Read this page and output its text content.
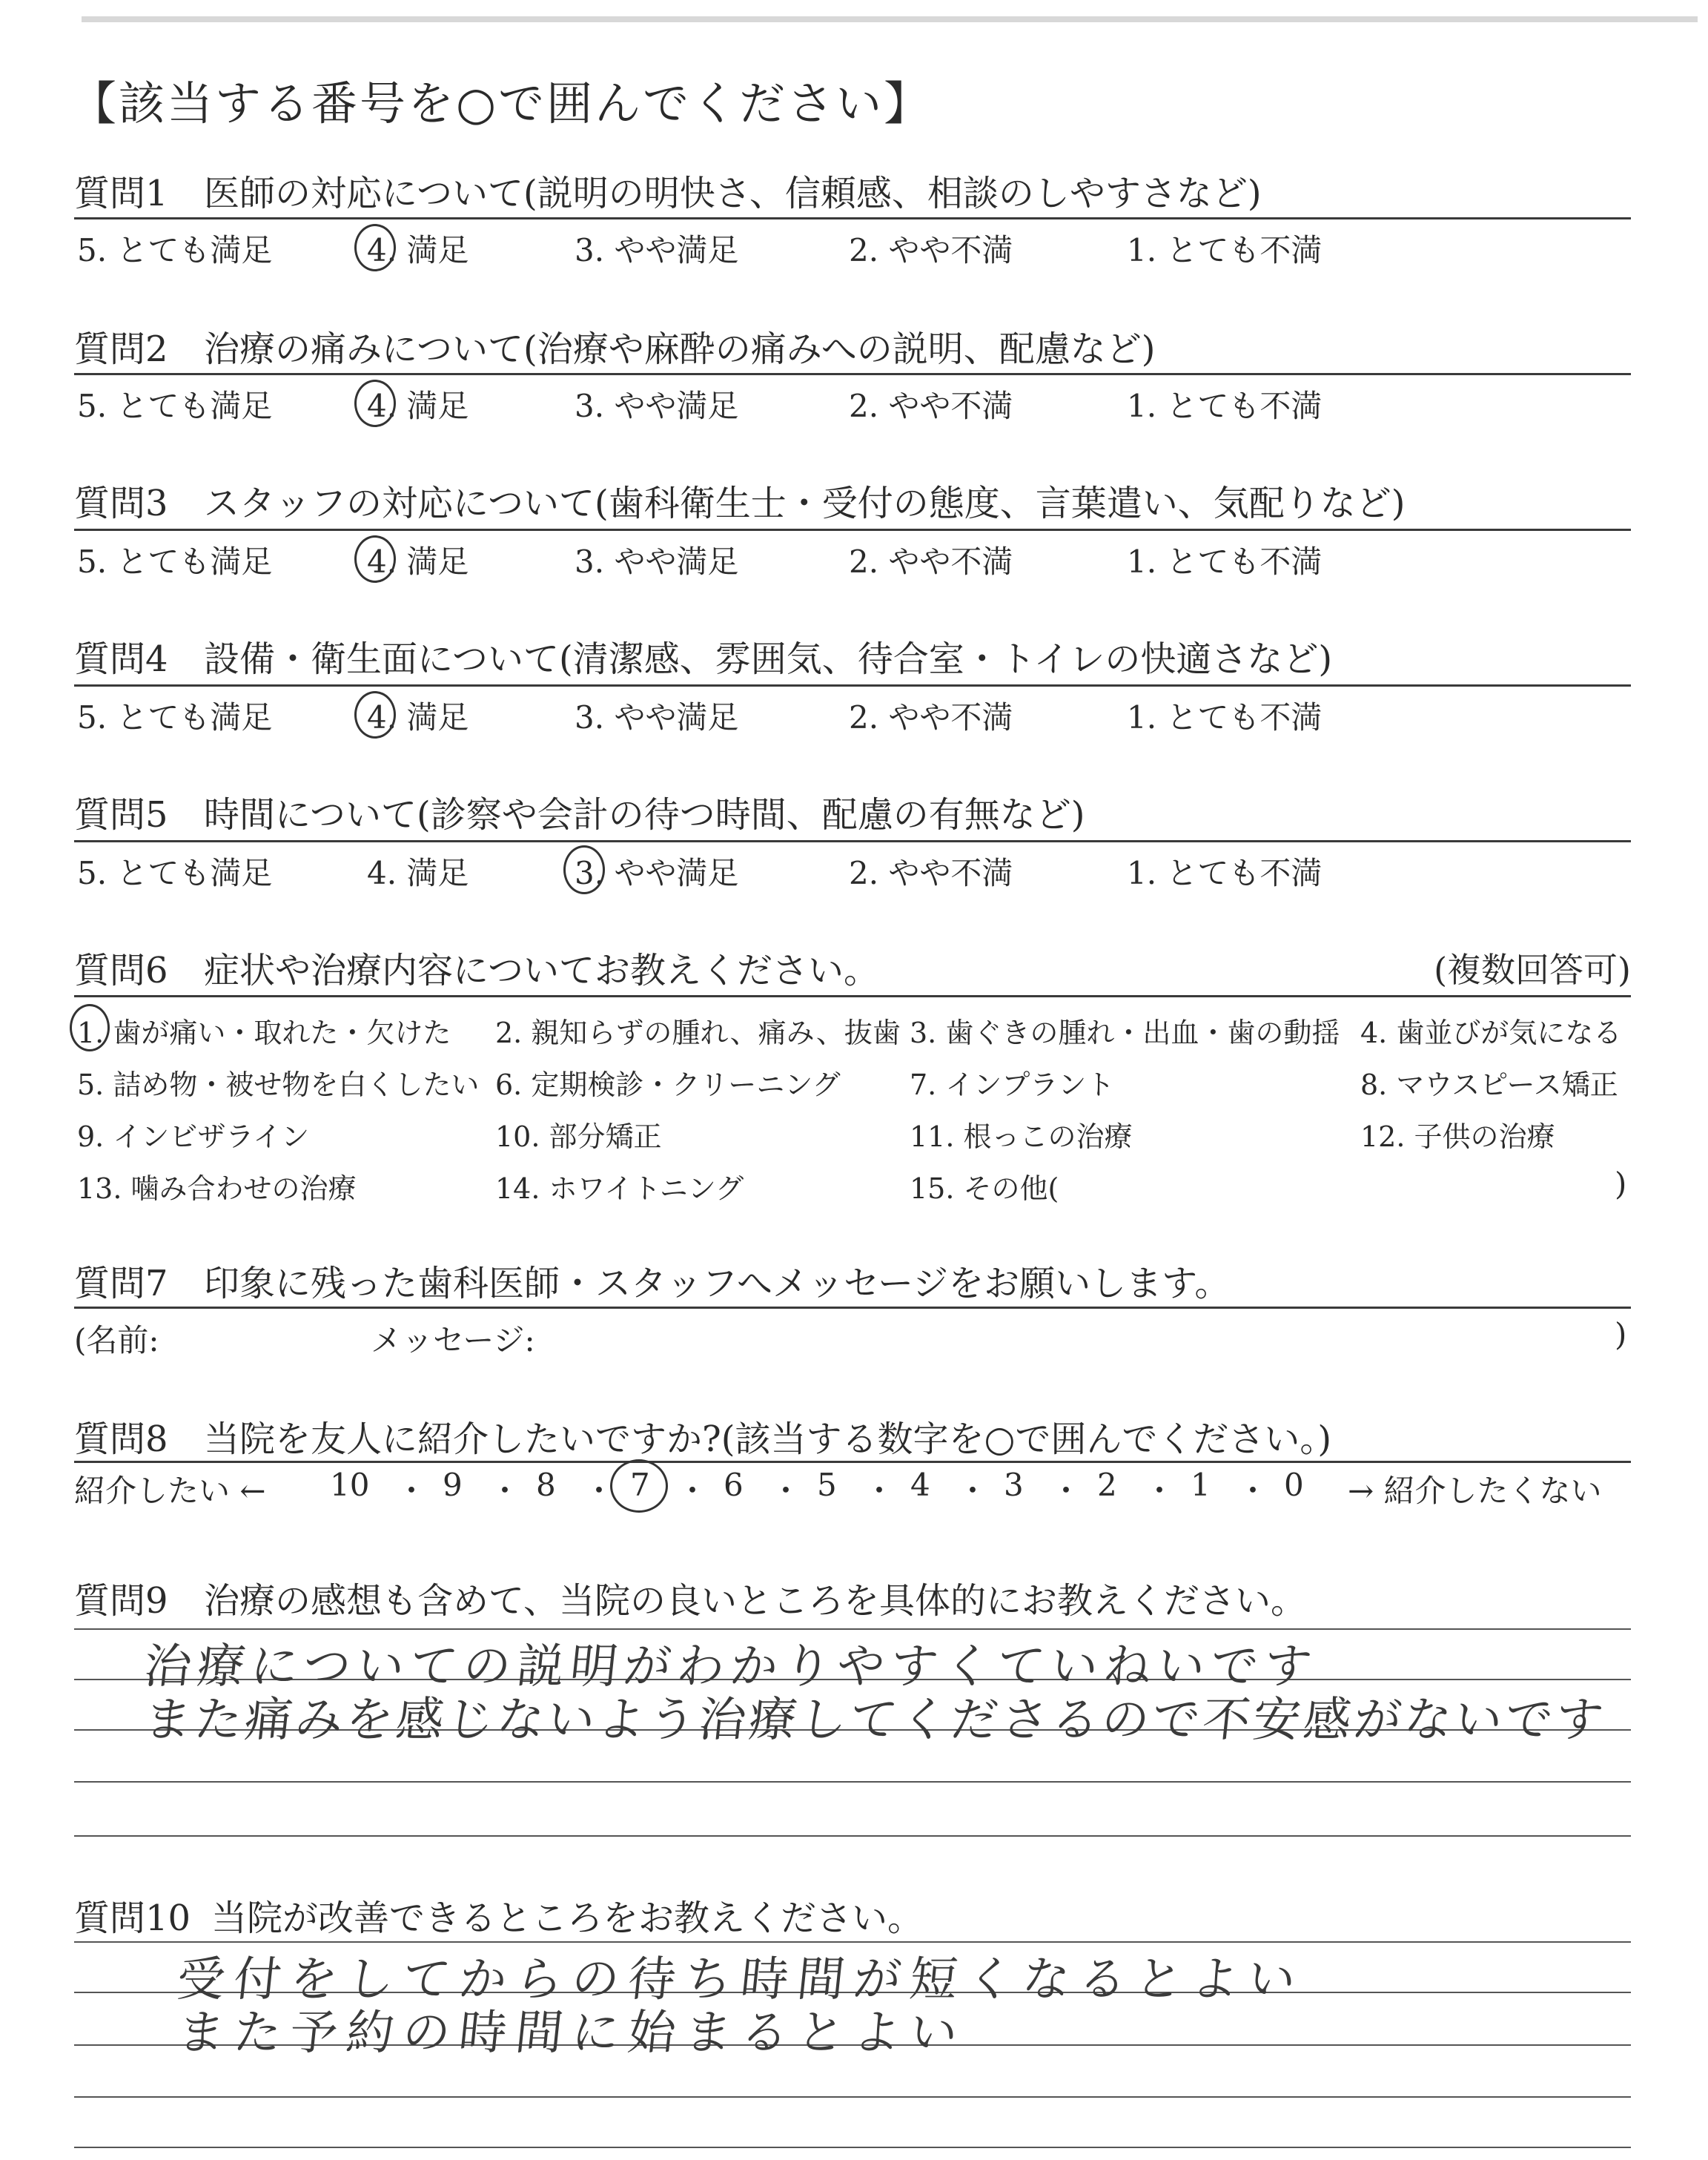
【該当する番号を○で囲んでください】
質問1 医師の対応について(説明の明快さ、信頼感、相談のしやすさなど)
5. とても満足	4. 満足	3. やや満足	2. やや不満	1. とても不満
質問2 治療の痛みについて(治療や麻酔の痛みへの説明、配慮など)
5. とても満足	4. 満足	3. やや満足	2. やや不満	1. とても不満
質問3 スタッフの対応について(歯科衛生士・受付の態度、言葉遣い、気配りなど)
5. とても満足	4. 満足	3. やや満足	2. やや不満	1. とても不満
質問4 設備・衛生面について(清潔感、雰囲気、待合室・トイレの快適さなど)
5. とても満足	4. 満足	3. やや満足	2. やや不満	1. とても不満
質問5 時間について(診察や会計の待つ時間、配慮の有無など)
5. とても満足	4. 満足	3. やや満足	2. やや不満	1. とても不満
質問6 症状や治療内容についてお教えください。	(複数回答可)
1. 歯が痛い・取れた・欠けた 2. 親知らずの腫れ、痛み、抜歯 3. 歯ぐきの腫れ・出血・歯の動揺 4. 歯並びが気になる
5. 詰め物・被せ物を白くしたい 6. 定期検診・クリーニング 7. インプラント	8. マウスピース矯正
9. インビザライン	10. 部分矯正	11. 根っこの治療	12. 子供の治療
13. 噛み合わせの治療	14. ホワイトニング	15. その他(	)
質問7 印象に残った歯科医師・スタッフへメッセージをお願いします。
(名前:	メッセージ:	)
質問8 当院を友人に紹介したいですか?(該当する数字を○で囲んでください。)
紹介したい ← 10 ・ 9 ・ 8 ・ 7 ・ 6 ・ 5 ・ 4 ・ 3 ・ 2 ・ 1 ・ 0 → 紹介したくない
質問9 治療の感想も含めて、当院の良いところを具体的にお教えください。
治療についての説明がわかりやすくていねいです
また痛みを感じないよう治療してくださるので不安感がないです
質問10 当院が改善できるところをお教えください。
受付をしてからの待ち時間が短くなるとよい
また予約の時間に始まるとよい
